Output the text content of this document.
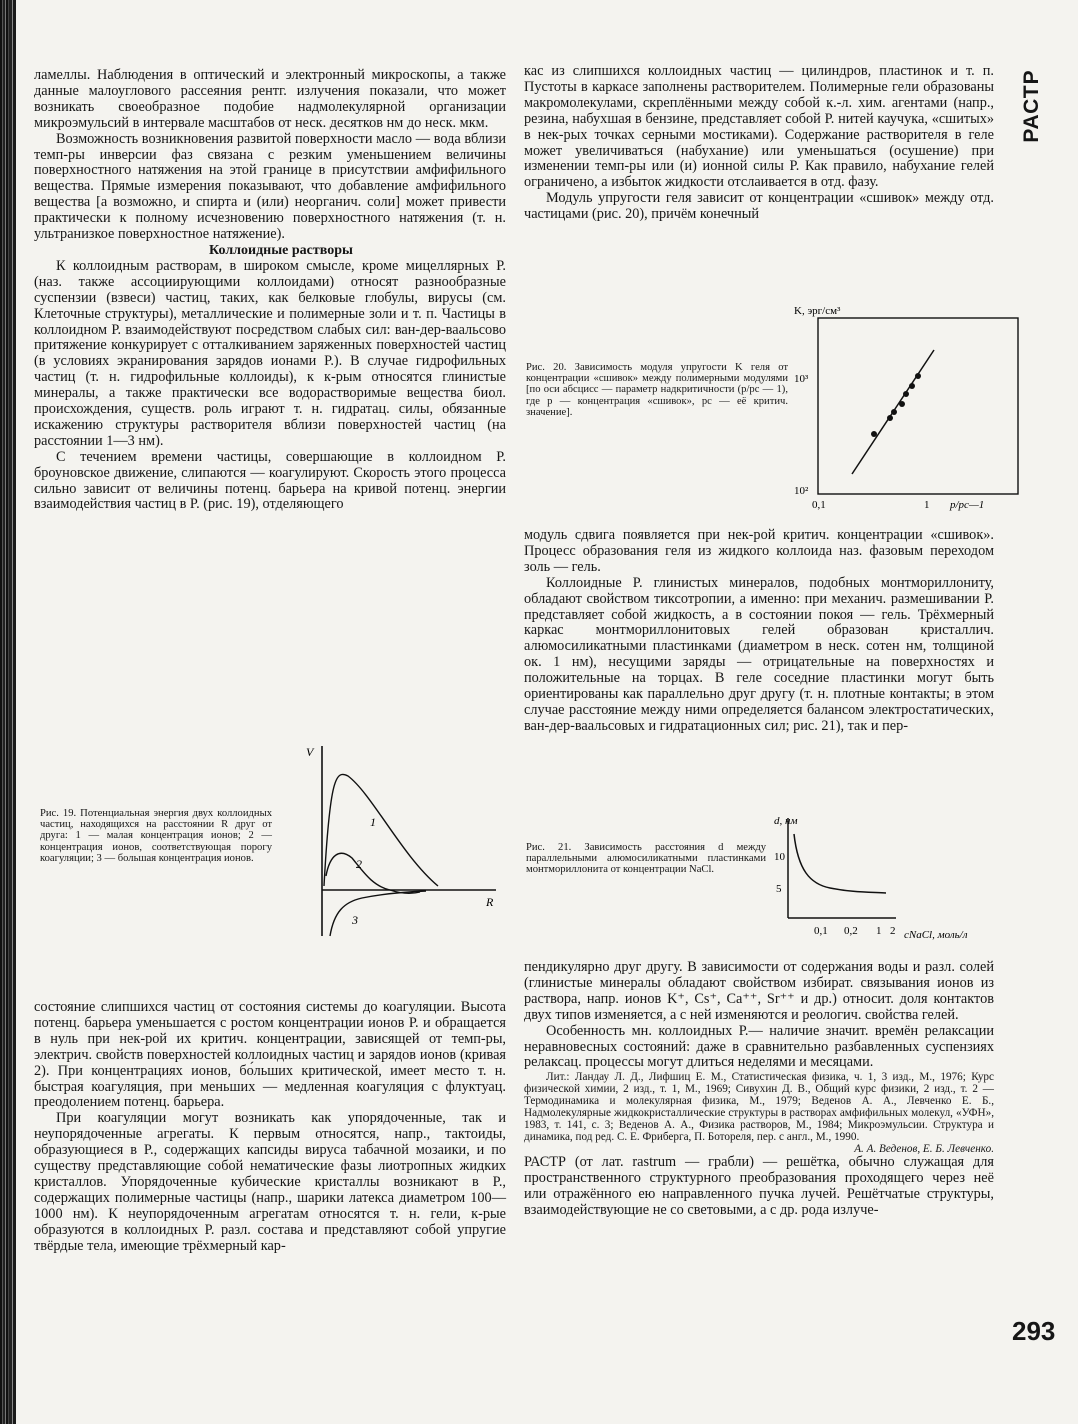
РАСТР
293

ламеллы. Наблюдения в оптический и электронный микроскопы, а также данные малоуглового рассеяния рентг. излучения показали, что может возникать своеобразное подобие надмолекулярной организации микроэмульсий в интервале масштабов от неск. десятков нм до неск. мкм.

Возможность возникновения развитой поверхности масло — вода вблизи темп-ры инверсии фаз связана с резким уменьшением величины поверхностного натяжения на этой границе в присутствии амфифильного вещества. Прямые измерения показывают, что добавление амфифильного вещества [а возможно, и спирта и (или) неорганич. соли] может привести практически к полному исчезновению поверхностного натяжения (т. н. ультранизкое поверхностное натяжение).

Коллоидные растворы

К коллоидным растворам, в широком смысле, кроме мицеллярных Р. (наз. также ассоциирующими коллоидами) относят разнообразные суспензии (взвеси) частиц, таких, как белковые глобулы, вирусы (см. Клеточные структуры), металлические и полимерные золи и т. п. Частицы в коллоидном Р. взаимодействуют посредством слабых сил: ван-дер-ваальсово притяжение конкурирует с отталкиванием заряженных поверхностей частиц (в условиях экранирования зарядов ионами Р.). В случае гидрофильных частиц (т. н. гидрофильные коллоиды), к к-рым относятся глинистые минералы, а также практически все водорастворимые вещества биол. происхождения, существ. роль играют т. н. гидратац. силы, обязанные искажению структуры растворителя вблизи поверхностей частиц (на расстоянии 1—3 нм).

С течением времени частицы, совершающие в коллоидном Р. броуновское движение, слипаются — коагулируют. Скорость этого процесса сильно зависит от величины потенц. барьера на кривой потенц. энергии взаимодействия частиц в Р. (рис. 19), отделяющего

Рис. 19. Потенциальная энергия двух коллоидных частиц, находящихся на расстоянии R друг от друга: 1 — малая концентрация ионов; 2 — концентрация ионов, соответствующая порогу коагуляции; 3 — большая концентрация ионов.
V
R
1
2
3

состояние слипшихся частиц от состояния системы до коагуляции. Высота потенц. барьера уменьшается с ростом концентрации ионов Р. и обращается в нуль при нек-рой их критич. концентрации, зависящей от темп-ры, электрич. свойств поверхностей коллоидных частиц и зарядов ионов (кривая 2). При концентрациях ионов, бо́льших критической, имеет место т. н. быстрая коагуляция, при меньших — медленная коагуляция с флуктуац. преодолением потенц. барьера.

При коагуляции могут возникать как упорядоченные, так и неупорядоченные агрегаты. К первым относятся, напр., тактоиды, образующиеся в Р., содержащих капсиды вируса табачной мозаики, и по существу представляющие собой нематические фазы лиотропных жидких кристаллов. Упорядоченные кубические кристаллы возникают в Р., содержащих полимерные частицы (напр., шарики латекса диаметром 100—1000 нм). К неупорядоченным агрегатам относятся т. н. гели, к-рые образуются в коллоидных Р. разл. состава и представляют собой упругие твёрдые тела, имеющие трёхмерный кар-

кас из слипшихся коллоидных частиц — цилиндров, пластинок и т. п. Пустоты в каркасе заполнены растворителем. Полимерные гели образованы макромолекулами, скреплёнными между собой к.-л. хим. агентами (напр., резина, набухшая в бензине, представляет собой Р. нитей каучука, «сшитых» в нек-рых точках серными мостиками). Содержание растворителя в геле может увеличиваться (набухание) или уменьшаться (осушение) при изменении темп-ры или (и) ионной силы Р. Как правило, набухание гелей ограничено, а избыток жидкости отслаивается в отд. фазу.

Модуль упругости геля зависит от концентрации «сшивок» между отд. частицами (рис. 20), причём конечный

Рис. 20. Зависимость модуля упругости K геля от концентрации «сшивок» между полимерными модулями [по оси абсцисс — параметр надкритичности (p/pc — 1), где p — концентрация «сшивок», pc — её критич. значение].
K, эрг/см³
10³
10²
0,1	1 p/pc—1

модуль сдвига появляется при нек-рой критич. концентрации «сшивок». Процесс образования геля из жидкого коллоида наз. фазовым переходом золь — гель.

Коллоидные Р. глинистых минералов, подобных монтмориллониту, обладают свойством тиксотропии, а именно: при механич. размешивании Р. представляет собой жидкость, а в состоянии покоя — гель. Трёхмерный каркас монтмориллонитовых гелей образован кристаллич. алюмосиликатными пластинками (диаметром в неск. сотен нм, толщиной ок. 1 нм), несущими заряды — отрицательные на поверхностях и положительные на торцах. В геле соседние пластинки могут быть ориентированы как параллельно друг другу (т. н. плотные контакты; в этом случае расстояние между ними определяется балансом электростатических, ван-дер-ваальсовых и гидратационных сил; рис. 21), так и пер-

Рис. 21. Зависимость расстояния d между параллельными алюмосиликатными пластинками монтмориллонита от концентрации NaCl.
d, нм
10
5
0,1 0,2 1 2 cNaCl, моль/л

пендикулярно друг другу. В зависимости от содержания воды и разл. солей (глинистые минералы обладают свойством избират. связывания ионов из раствора, напр. ионов K⁺, Cs⁺, Ca⁺⁺, Sr⁺⁺ и др.) относит. доля контактов двух типов изменяется, а с ней изменяются и реологич. свойства гелей.

Особенность мн. коллоидных Р.— наличие значит. времён релаксации неравновесных состояний: даже в сравнительно разбавленных суспензиях релаксац. процессы могут длиться неделями и месяцами.

Лит.: Ландау Л. Д., Лифшиц Е. М., Статистическая физика, ч. 1, 3 изд., М., 1976; Курс физической химии, 2 изд., т. 1, М., 1969; Сивухин Д. В., Общий курс физики, 2 изд., т. 2 — Термодинамика и молекулярная физика, М., 1979; Веденов А. А., Левченко Е. Б., Надмолекулярные жидкокристаллические структуры в растворах амфифильных молекул, «УФН», 1983, т. 141, с. 3; Веденов А. А., Физика растворов, М., 1984; Микроэмульсии. Структура и динамика, под ред. С. Е. Фриберга, П. Ботореля, пер. с англ., М., 1990.

А. А. Веденов, Е. Б. Левченко.

РАСТР (от лат. rastrum — грабли) — решётка, обычно служащая для пространственного структурного преобразования проходящего через неё или отражённого ею направленного пучка лучей. Решётчатые структуры, взаимодействующие не со световыми, а с др. рода излуче-
